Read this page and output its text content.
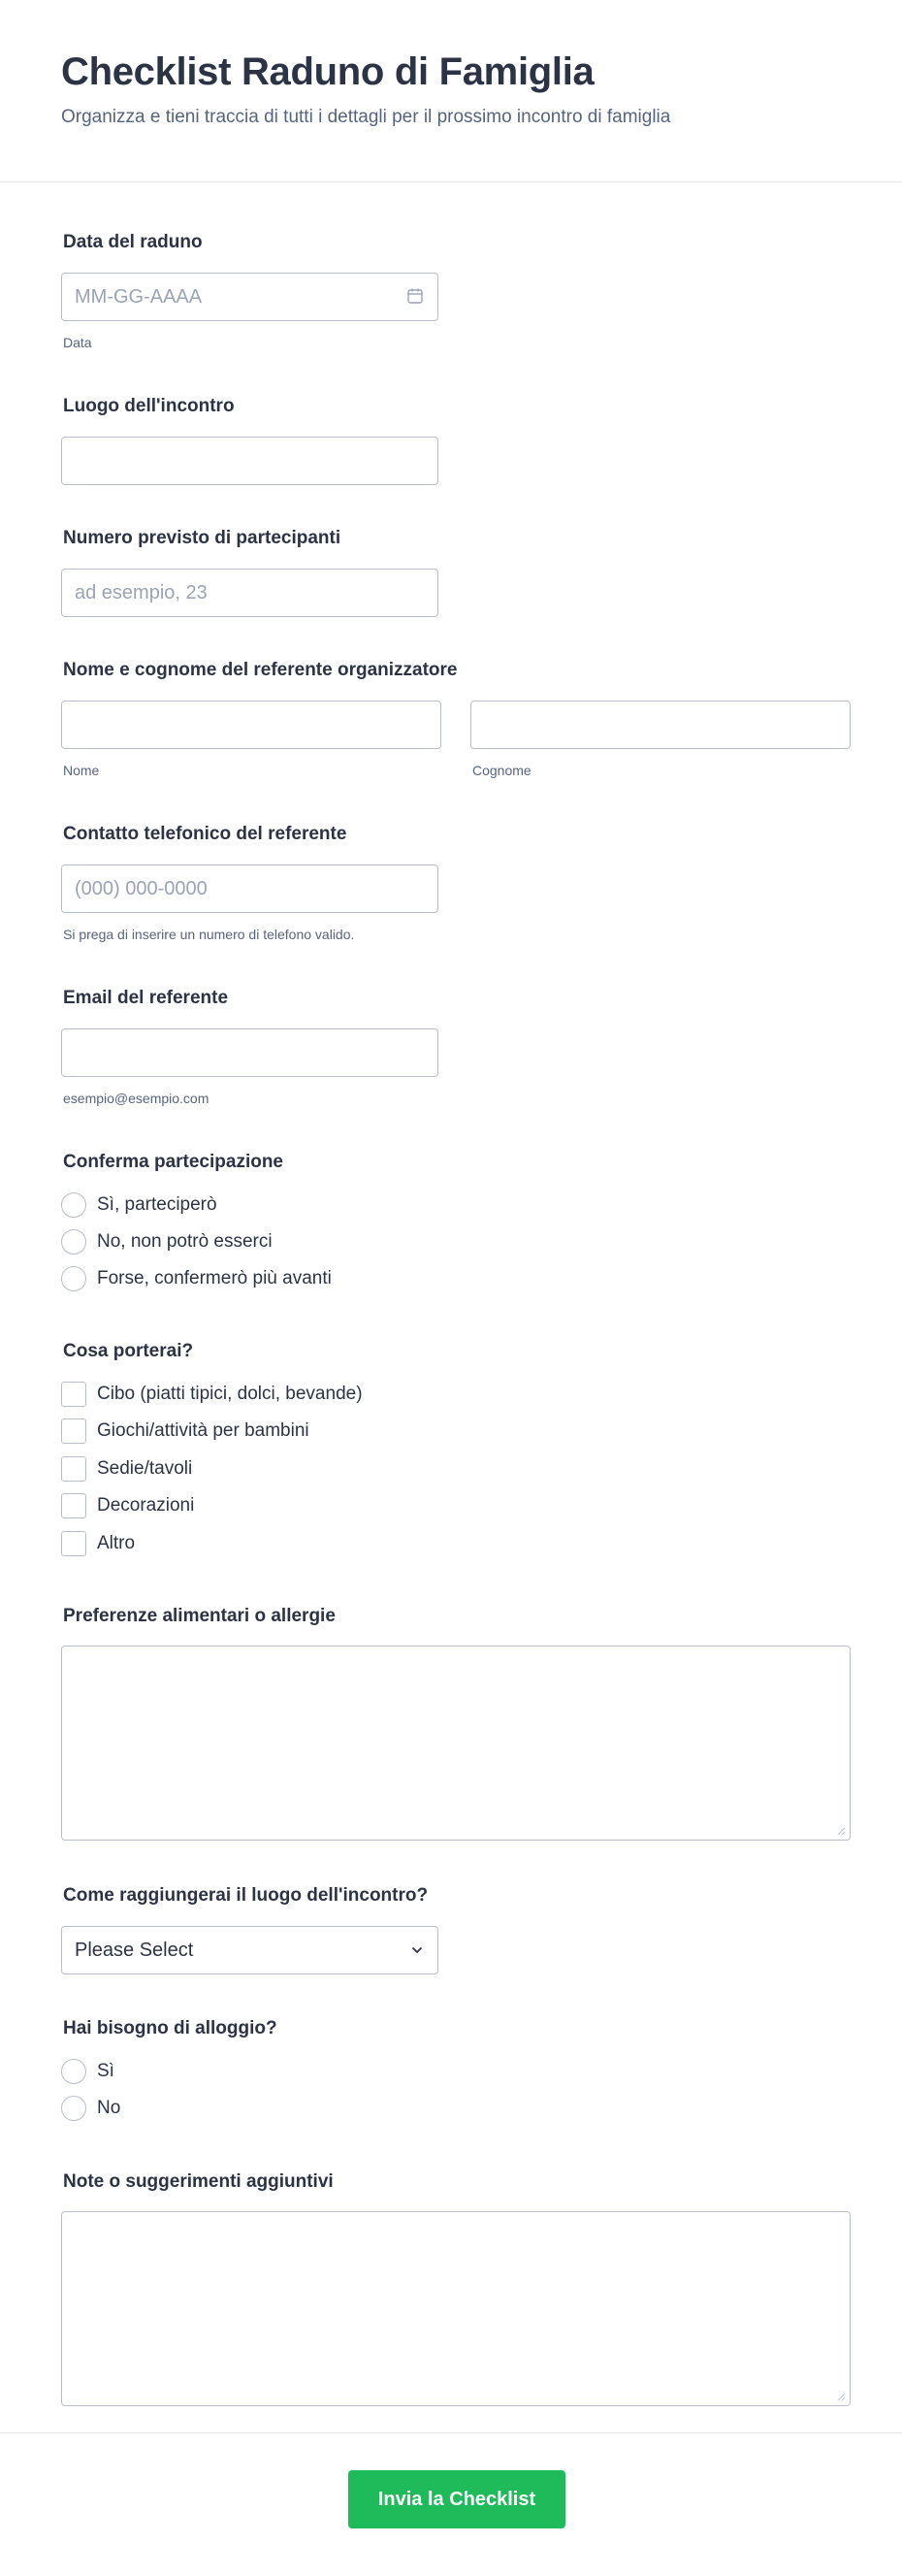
Checklist Raduno di Famiglia

Organizza e tieni traccia di tutti i dettagli per il prossimo incontro di famiglia

Data del raduno
MM-GG-AAAA
Data
Luogo dell'incontro
Numero previsto di partecipanti
ad esempio, 23
Nome e cognome del referente organizzatore
Nome	Cognome
Contatto telefonico del referente
(000) 000-0000
Si prega di inserire un numero di telefono valido.
Email del referente
esempio@esempio.com
Conferma partecipazione
Sì, parteciperò
No, non potrò esserci
Forse, confermerò più avanti
Cosa porterai?
Cibo (piatti tipici, dolci, bevande)
Giochi/attività per bambini
Sedie/tavoli
Decorazioni
Altro
Preferenze alimentari o allergie
Come raggiungerai il luogo dell'incontro?
Please Select
Hai bisogno di alloggio?
Sì
No
Note o suggerimenti aggiuntivi
Invia la Checklist
